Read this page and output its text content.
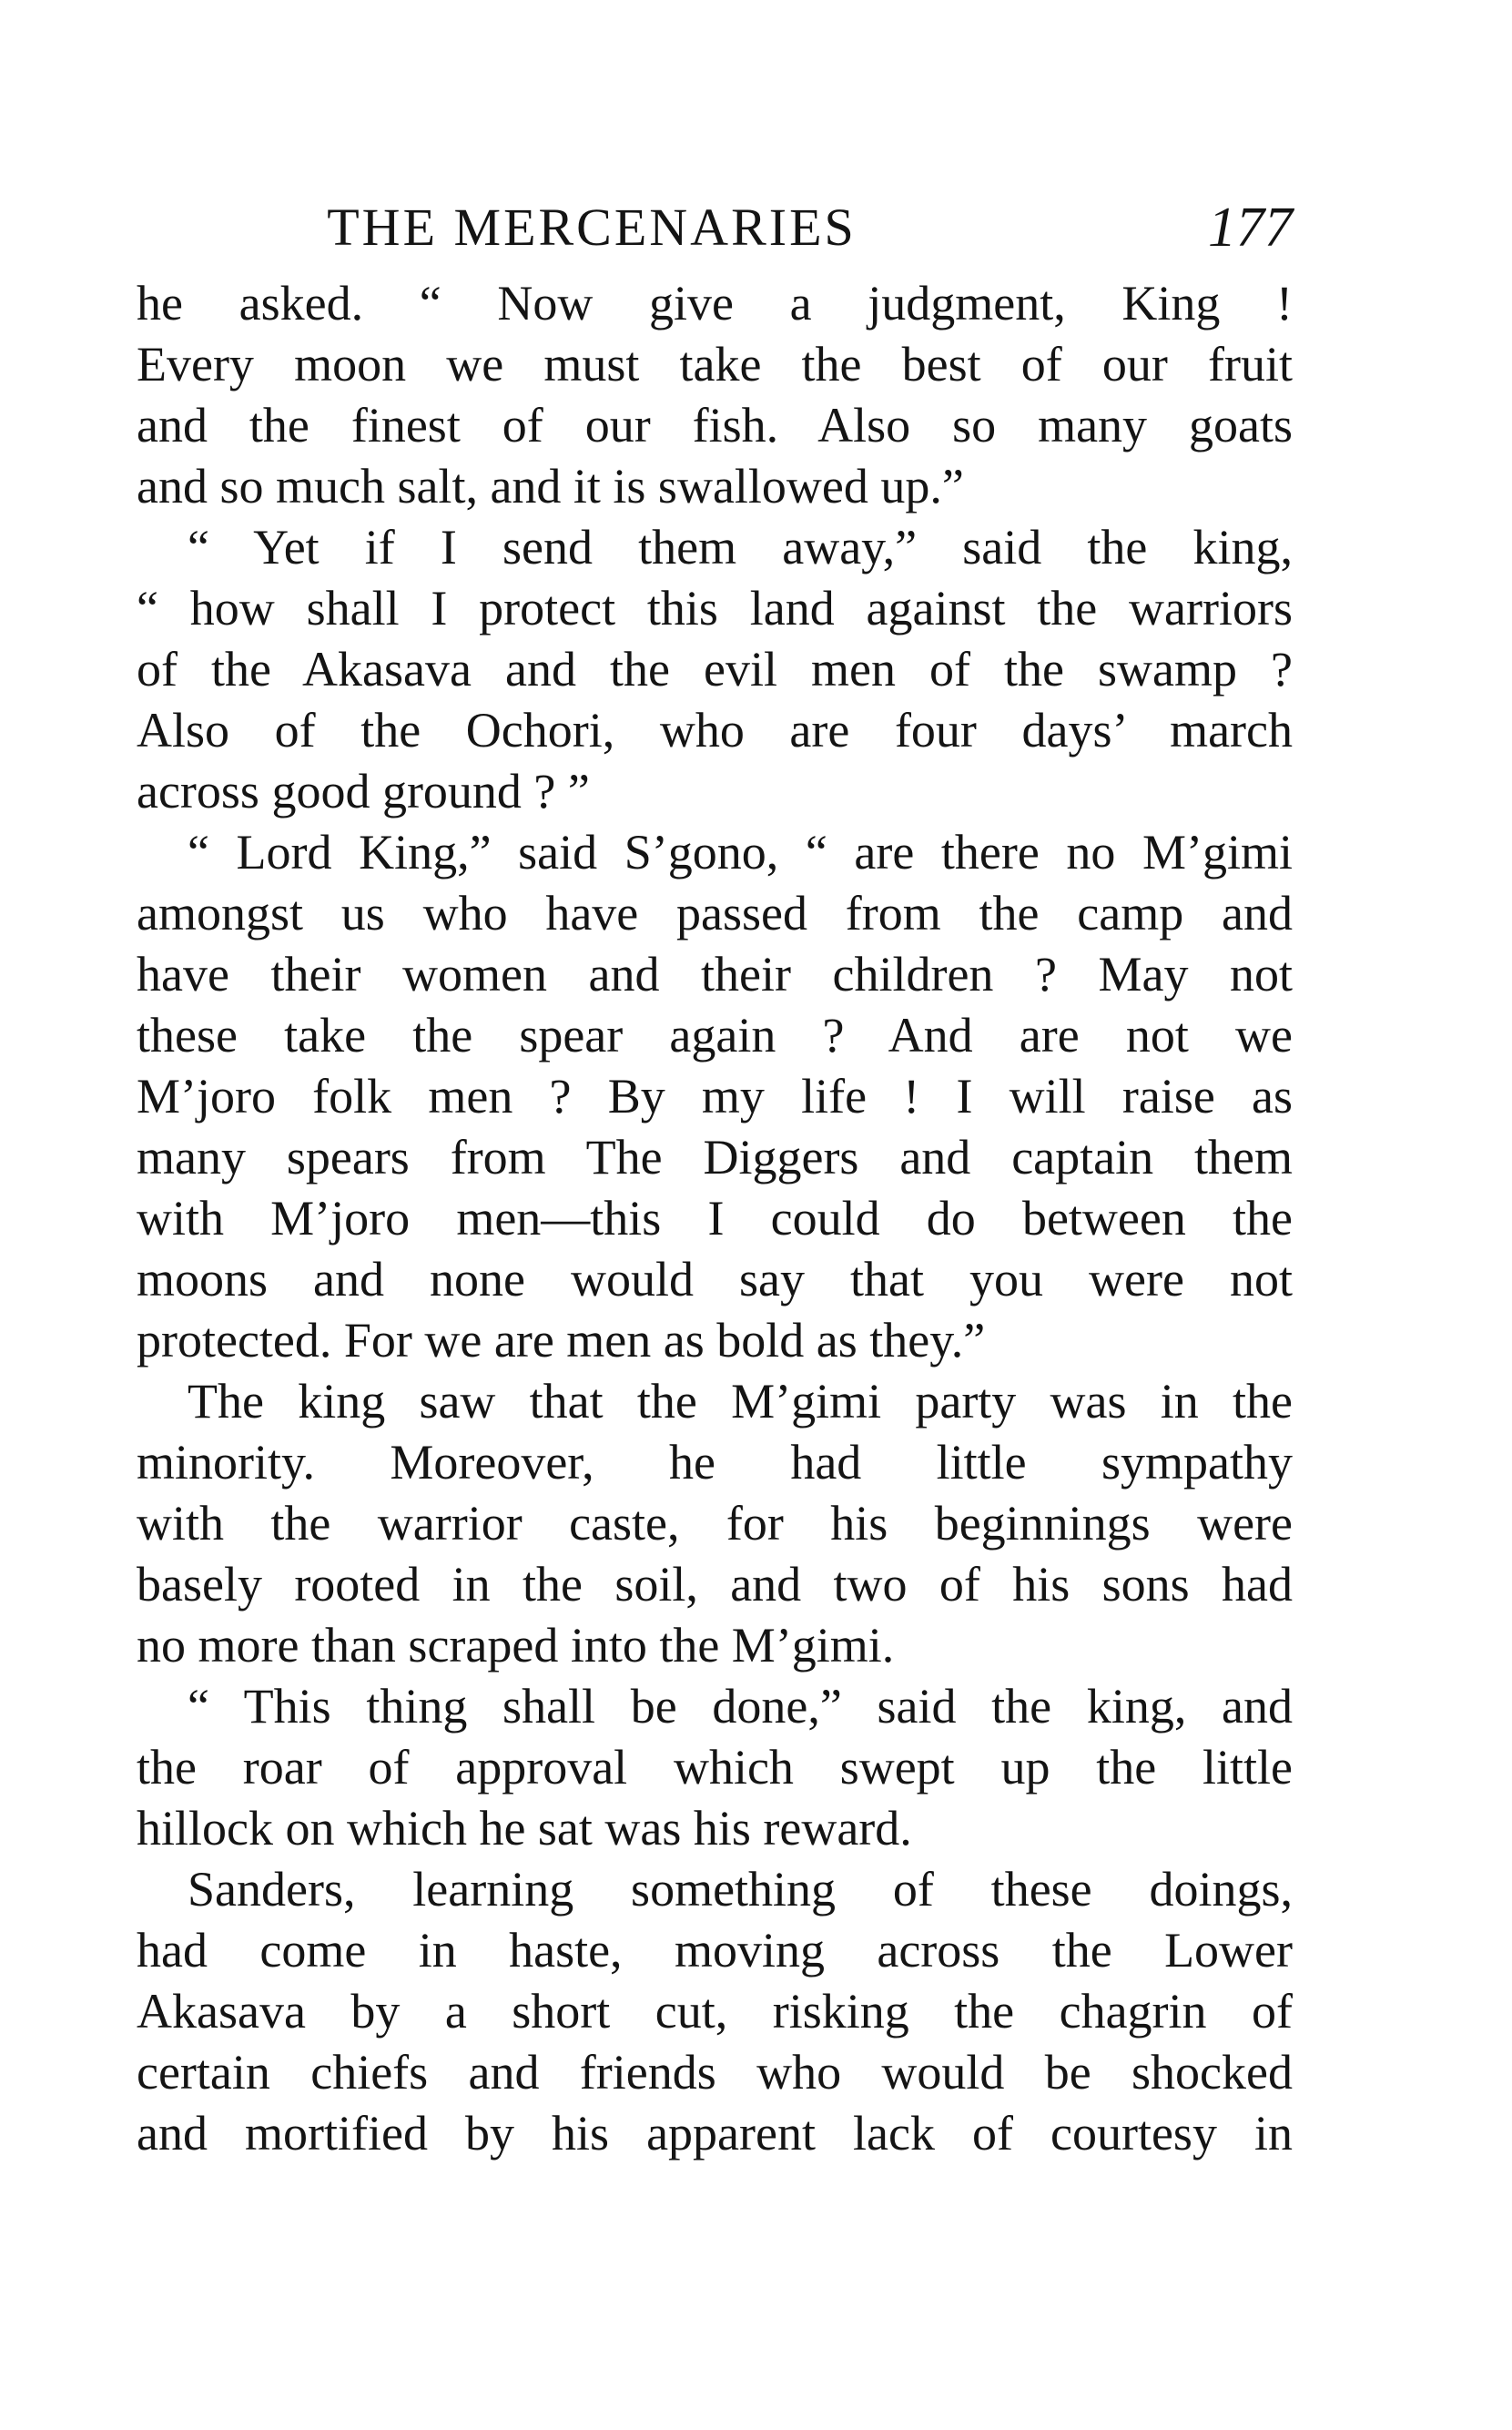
THE MERCENARIES	177
he asked. “ Now give a judgment, King !
Every moon we must take the best of our fruit
and the finest of our fish. Also so many goats
and so much salt, and it is swallowed up.”
“ Yet if I send them away,” said the king,
“ how shall I protect this land against the warriors
of the Akasava and the evil men of the swamp ?
Also of the Ochori, who are four days’ march
across good ground ? ”
“ Lord King,” said S’gono, “ are there no M’gimi
amongst us who have passed from the camp and
have their women and their children ? May not
these take the spear again ? And are not we
M’joro folk men ? By my life ! I will raise as
many spears from The Diggers and captain them
with M’joro men—this I could do between the
moons and none would say that you were not
protected. For we are men as bold as they.”
The king saw that the M’gimi party was in the
minority. Moreover, he had little sympathy
with the warrior caste, for his beginnings were
basely rooted in the soil, and two of his sons had
no more than scraped into the M’gimi.
“ This thing shall be done,” said the king, and
the roar of approval which swept up the little
hillock on which he sat was his reward.
Sanders, learning something of these doings,
had come in haste, moving across the Lower
Akasava by a short cut, risking the chagrin of
certain chiefs and friends who would be shocked
and mortified by his apparent lack of courtesy in
